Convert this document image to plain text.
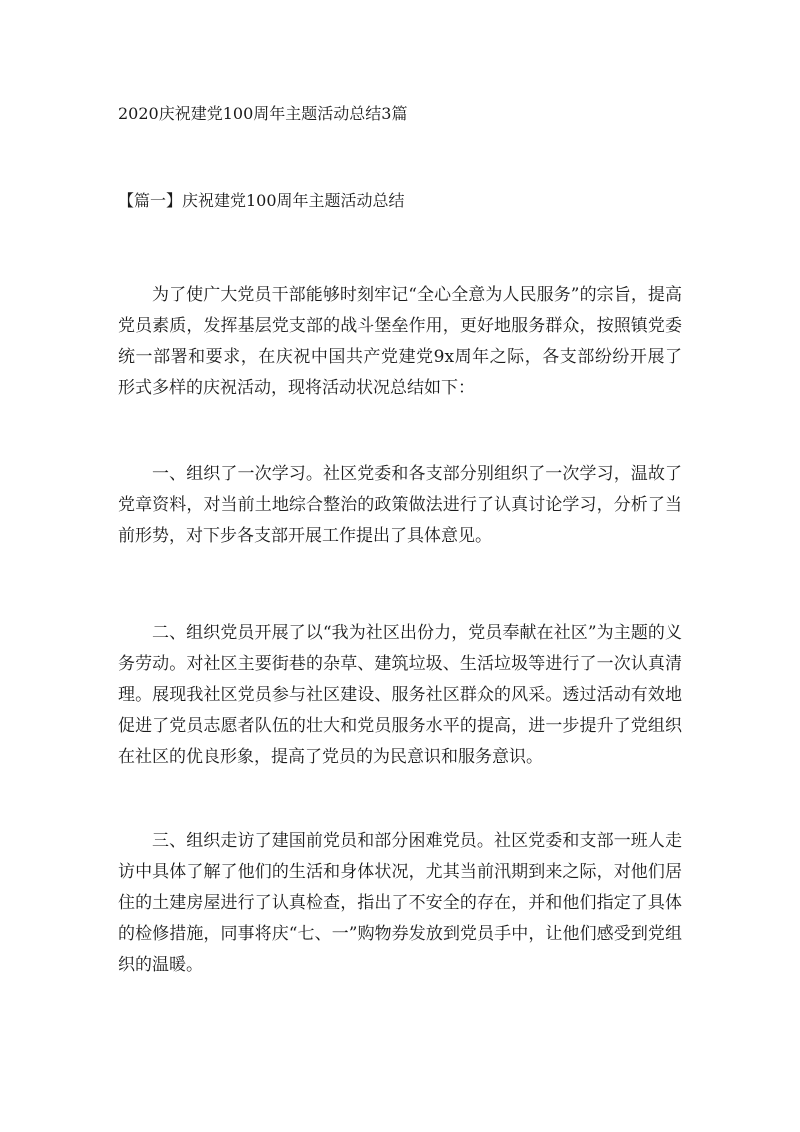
2020庆祝建党100周年主题活动总结3篇
【篇一】庆祝建党100周年主题活动总结

为了使广大党员干部能够时刻牢记“全心全意为人民服务”的宗旨，提高党员素质，发挥基层党支部的战斗堡垒作用，更好地服务群众，按照镇党委统一部署和要求，在庆祝中国共产党建党9x周年之际，各支部纷纷开展了形式多样的庆祝活动，现将活动状况总结如下：

一、组织了一次学习。社区党委和各支部分别组织了一次学习，温故了党章资料，对当前土地综合整治的政策做法进行了认真讨论学习，分析了当前形势，对下步各支部开展工作提出了具体意见。

二、组织党员开展了以“我为社区出份力，党员奉献在社区”为主题的义务劳动。对社区主要街巷的杂草、建筑垃圾、生活垃圾等进行了一次认真清理。展现我社区党员参与社区建设、服务社区群众的风采。透过活动有效地促进了党员志愿者队伍的壮大和党员服务水平的提高，进一步提升了党组织在社区的优良形象，提高了党员的为民意识和服务意识。

三、组织走访了建国前党员和部分困难党员。社区党委和支部一班人走访中具体了解了他们的生活和身体状况，尤其当前汛期到来之际，对他们居住的土建房屋进行了认真检查，指出了不安全的存在，并和他们指定了具体的检修措施，同事将庆“七、一”购物券发放到党员手中，让他们感受到党组织的温暖。
